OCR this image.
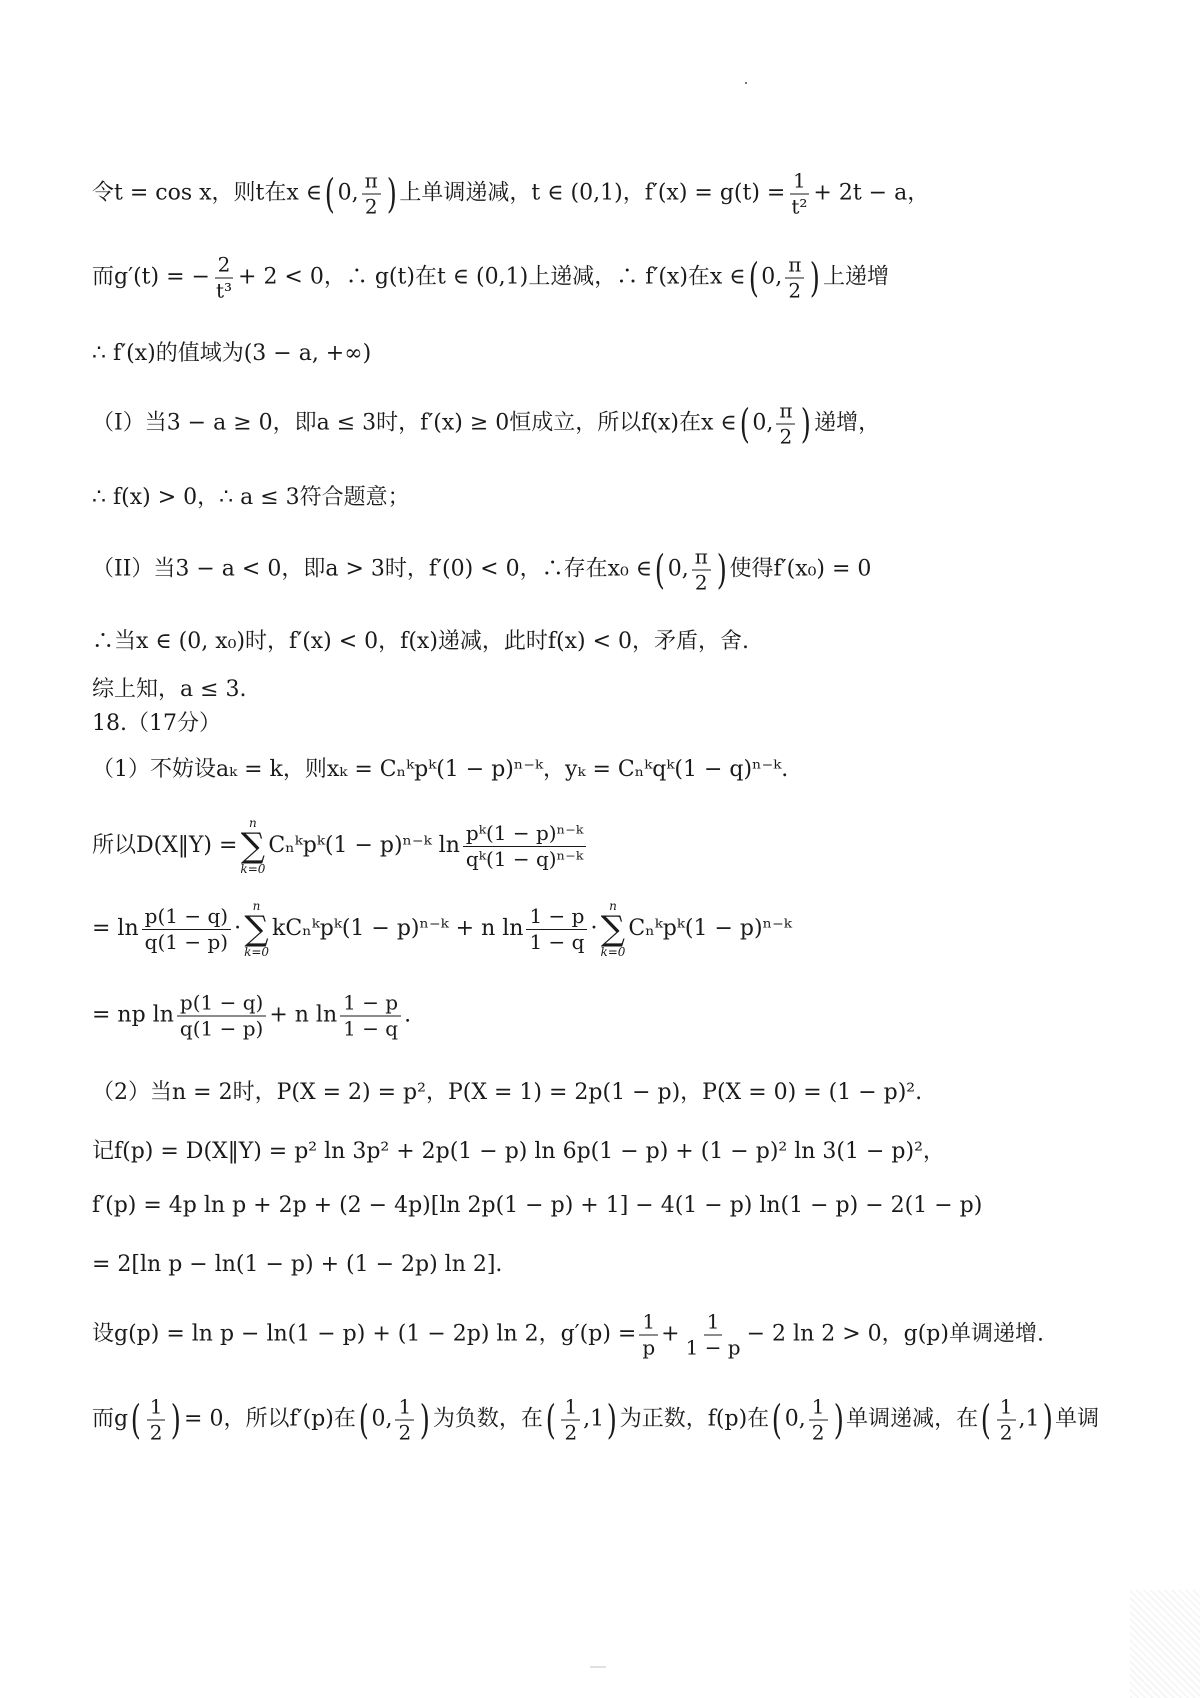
令t = cos x，则t在x ∈ ( 0, $\frac{\pi}{2}$ ) 上单调递减，t ∈ (0,1)，$f'(x) = g(t) = \frac{1}{\text{t²}} + 2t - a$，
而g′(t) = − $\frac{2}{\text{t³}} + 2 < 0$，∴ g(t)在t ∈ (0,1)上递减，∴ f′(x)在x ∈ ( 0, $\frac{\pi}{2}$ ) 上递增
∴ f′(x)的值域为(3 − a, +∞)
（I）当3 − a ≥ 0，即a ≤ 3时，f′(x) ≥ 0恒成立，所以f(x)在x ∈ ( 0, $\frac{\pi}{2}$ ) 递增，
∴ f(x) > 0，∴ a ≤ 3符合题意；
（II）当3 − a < 0，即a > 3时，f′(0) < 0，∴存在x₀ ∈ ( 0, $\frac{\pi}{2}$ ) 使得f′(x₀) = 0
∴当x ∈ (0, x₀)时，f′(x) < 0，f(x)递减，此时f(x) < 0，矛盾，舍.
综上知，a ≤ 3.
18.（17分）
（1）不妨设aₖ = k，则xₖ = Cₙᵏpᵏ(1 − p)ⁿ⁻ᵏ，yₖ = Cₙᵏqᵏ(1 − q)ⁿ⁻ᵏ.
所以D(X‖Y) =
n
∑
k=0
Cₙᵏpᵏ(1 − p)ⁿ⁻ᵏ $\ln \frac{\text{pᵏ(1 − p)ⁿ⁻ᵏ}}{\text{qᵏ(1 − q)ⁿ⁻ᵏ}}$
= $\ln \frac{p(1 - q)}{q(1 - p)}$ ·
n
∑
k=0
kCₙᵏpᵏ(1 − p)ⁿ⁻ᵏ + n $\ln \frac{1 - p}{1 - q}$ ·
n
∑
k=0
Cₙᵏpᵏ(1 − p)ⁿ⁻ᵏ
= np $\ln \frac{p(1 - q)}{q(1 - p)} + n$ $\ln \frac{1 - p}{1 - q}$ .
（2）当n = 2时，P(X = 2) = p²，P(X = 1) = 2p(1 − p)，P(X = 0) = (1 − p)².
记f(p) = D(X‖Y) = p² ln 3p² + 2p(1 − p) ln 6p(1 − p) + (1 − p)² ln 3(1 − p)²，
f′(p) = 4p ln p + 2p + (2 − 4p)[ln 2p(1 − p) + 1] − 4(1 − p) ln(1 − p) − 2(1 − p)
= 2[ln p − ln(1 − p) + (1 − 2p) ln 2].
设g(p) = ln p − ln(1 − p) + (1 − 2p) ln 2，$g'(p) = \frac{1}{p} + \frac{1}{1 - p} - 2$ ln 2 > 0，g(p)单调递增.
而g ( $\frac{1}{2}$ ) = 0，所以f′(p)在 ( 0, $\frac{1}{2}$ ) 为负数，在 ( $\frac{1}{2} ,1$ ) 为正数，f(p)在 ( 0, $\frac{1}{2}$ ) 单调递减，在 ( $\frac{1}{2} ,1$ ) 单调
